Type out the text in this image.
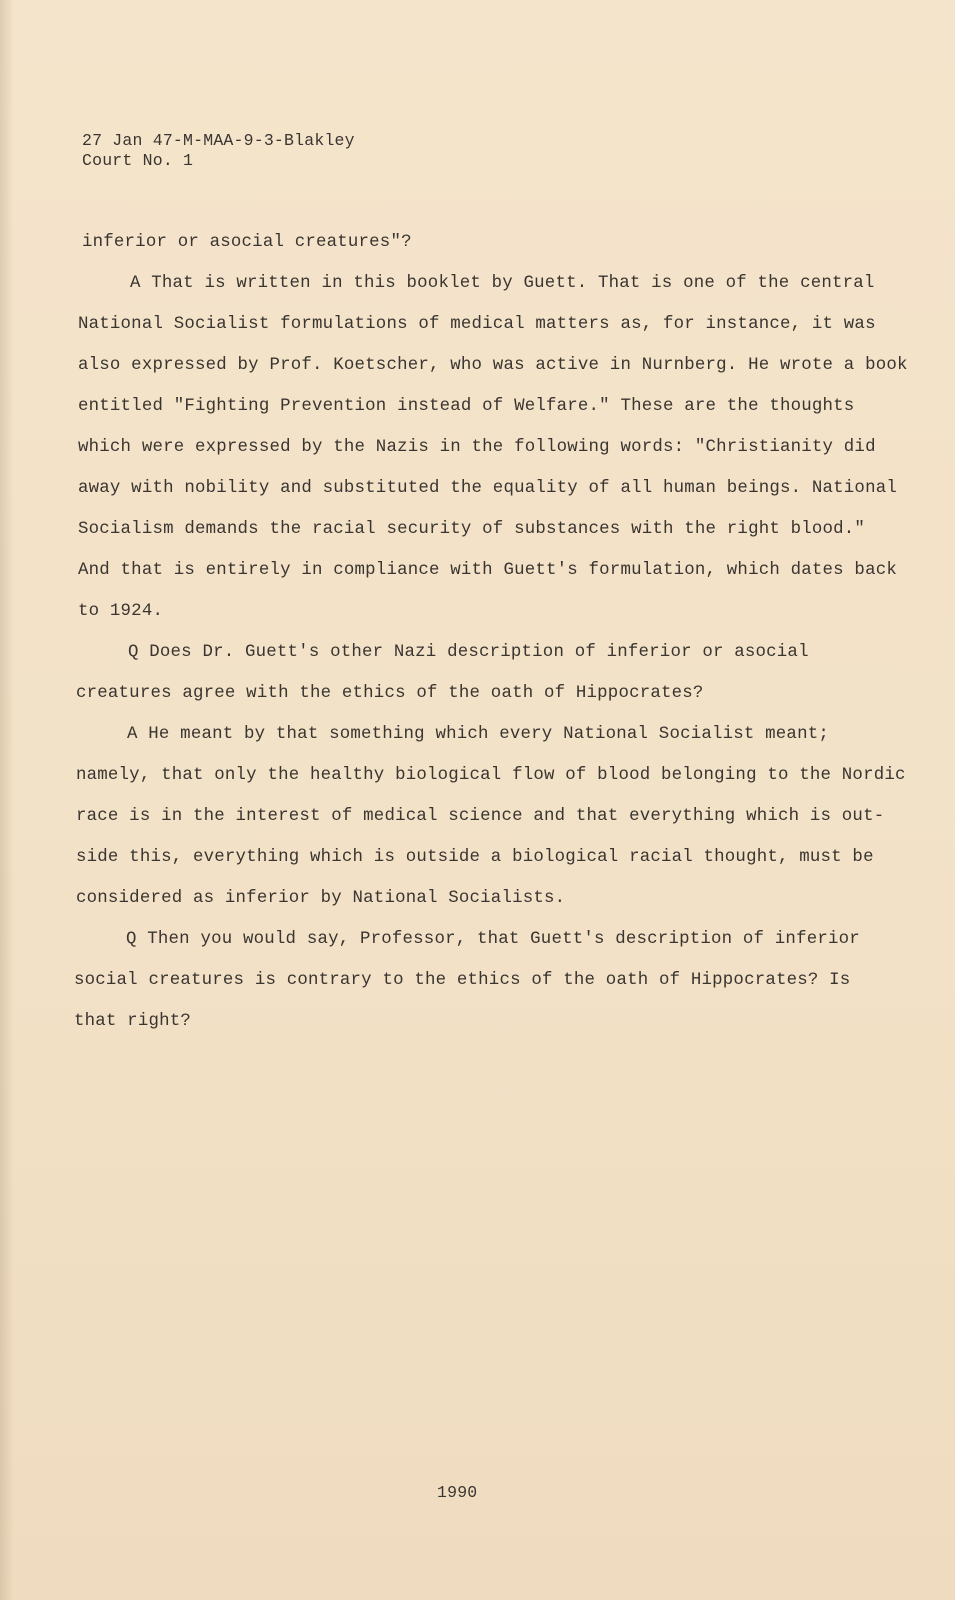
27 Jan 47-M-MAA-9-3-Blakley
Court No. 1
inferior or asocial creatures"?
A That is written in this booklet by Guett. That is one of the central
National Socialist formulations of medical matters as, for instance, it was
also expressed by Prof. Koetscher, who was active in Nurnberg. He wrote a book
entitled "Fighting Prevention instead of Welfare." These are the thoughts
which were expressed by the Nazis in the following words: "Christianity did
away with nobility and substituted the equality of all human beings. National
Socialism demands the racial security of substances with the right blood."
And that is entirely in compliance with Guett's formulation, which dates back
to 1924.
Q Does Dr. Guett's other Nazi description of inferior or asocial
creatures agree with the ethics of the oath of Hippocrates?
A He meant by that something which every National Socialist meant;
namely, that only the healthy biological flow of blood belonging to the Nordic
race is in the interest of medical science and that everything which is out-
side this, everything which is outside a biological racial thought, must be
considered as inferior by National Socialists.
Q Then you would say, Professor, that Guett's description of inferior
social creatures is contrary to the ethics of the oath of Hippocrates? Is
that right?
1990
